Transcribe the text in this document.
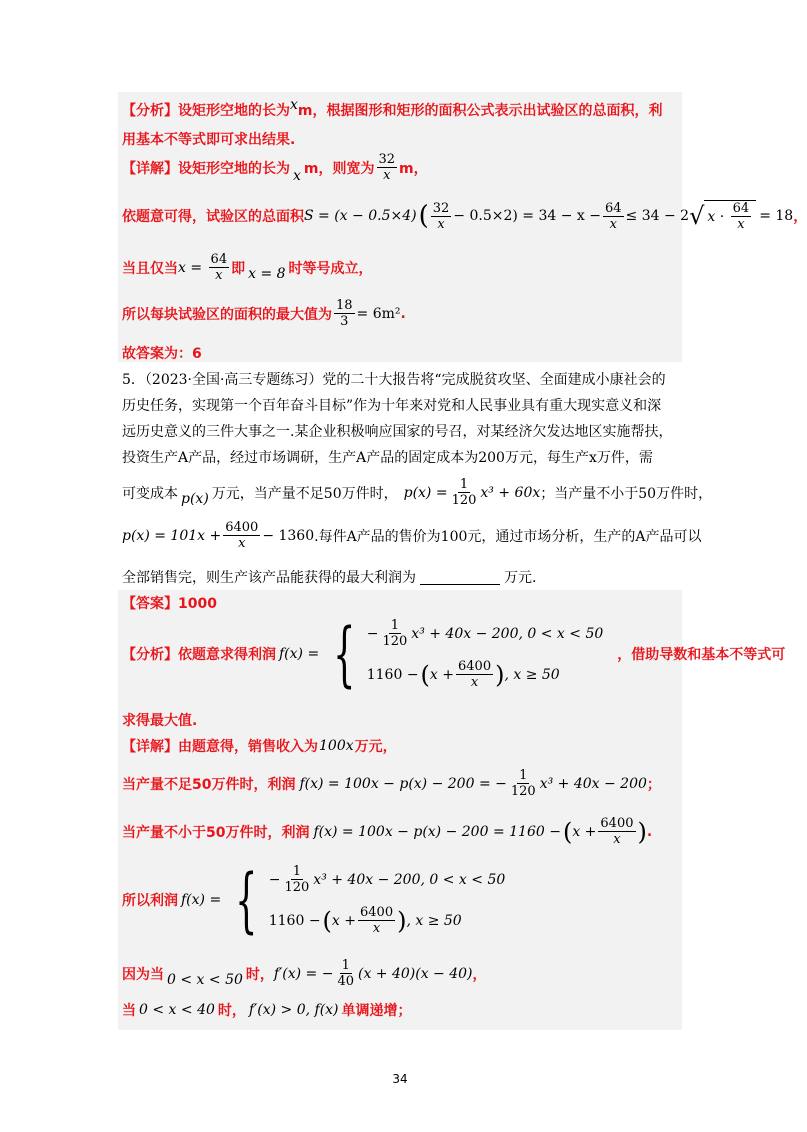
【分析】 设矩形空地的长为 x m，根据图形和矩形的面积公式表示出试验区的总面积，利
用基本不等式即可求出结果.
【详解】 设矩形空地的长为 x m，则宽为 $\frac{32}{x}$ m，
依题意可得，试验区的总面积 S = (x − 0.5×4) ( $\frac{32}{x} - 0.5\times 2) = 34 - x - \frac{64}{x} \le 34 - 2$ √ $x \cdot \frac{64}{x} = 18$ ，
当且仅当 $x = \frac{64}{x}$ 即 x = 8 时等号成立，
所以每块试验区的面积的最大值为 $\frac{18}{3} = 6m^2$ .
故答案为：6
5．（2023·全国·高三专题练习）党的二十大报告将“完成脱贫攻坚、全面建成小康社会的
历史任务，实现第一个百年奋斗目标”作为十年来对党和人民事业具有重大现实意义和深
远历史意义的三件大事之一.某企业积极响应国家的号召，对某经济欠发达地区实施帮扶，
投资生产A产品，经过市场调研，生产A产品的固定成本为200万元，每生产x万件，需
可变成本 p(x) 万元，当产量不足50万件时， $p(x) = \frac{1}{120} x^3 + 60x$ ；当产量不小于50万件时，
$p(x) = 101x + \frac{6400}{x} - 1360$ .每件A产品的售价为100元，通过市场分析，生产的A产品可以
全部销售完，则生产该产品能获得的最大利润为	万元.
【答案】1000
【分析】 依题意求得利润 f(x) = { − $\frac{1}{120} x^3 + 40x - 200$, 0 < x < 50
1160 − ( $x + \frac{6400}{x}$ ) , x ≥ 50
，借助导数和基本不等式可
求得最大值.
【详解】 由题意得，销售收入为 100x 万元，
当产量不足50万件时，利润 f(x) = 100x − p(x) − 200 = − $\frac{1}{120} x^3 + 40x - 200$ ；
当产量不小于50万件时，利润 f(x) = 100x − p(x) − 200 = 1160 − ( $x + \frac{6400}{x}$ ) .
所以利润 f(x) = { − $\frac{1}{120} x^3 + 40x - 200$, 0 < x < 50
1160 − ( $x + \frac{6400}{x}$ ) , x ≥ 50
因为当 0 < x < 50 时， f′(x) = − $\frac{1}{40} (x + 40)(x - 40)$ ，
当 0 < x < 40 时， f′(x) > 0, f(x) 单调递增；
34
